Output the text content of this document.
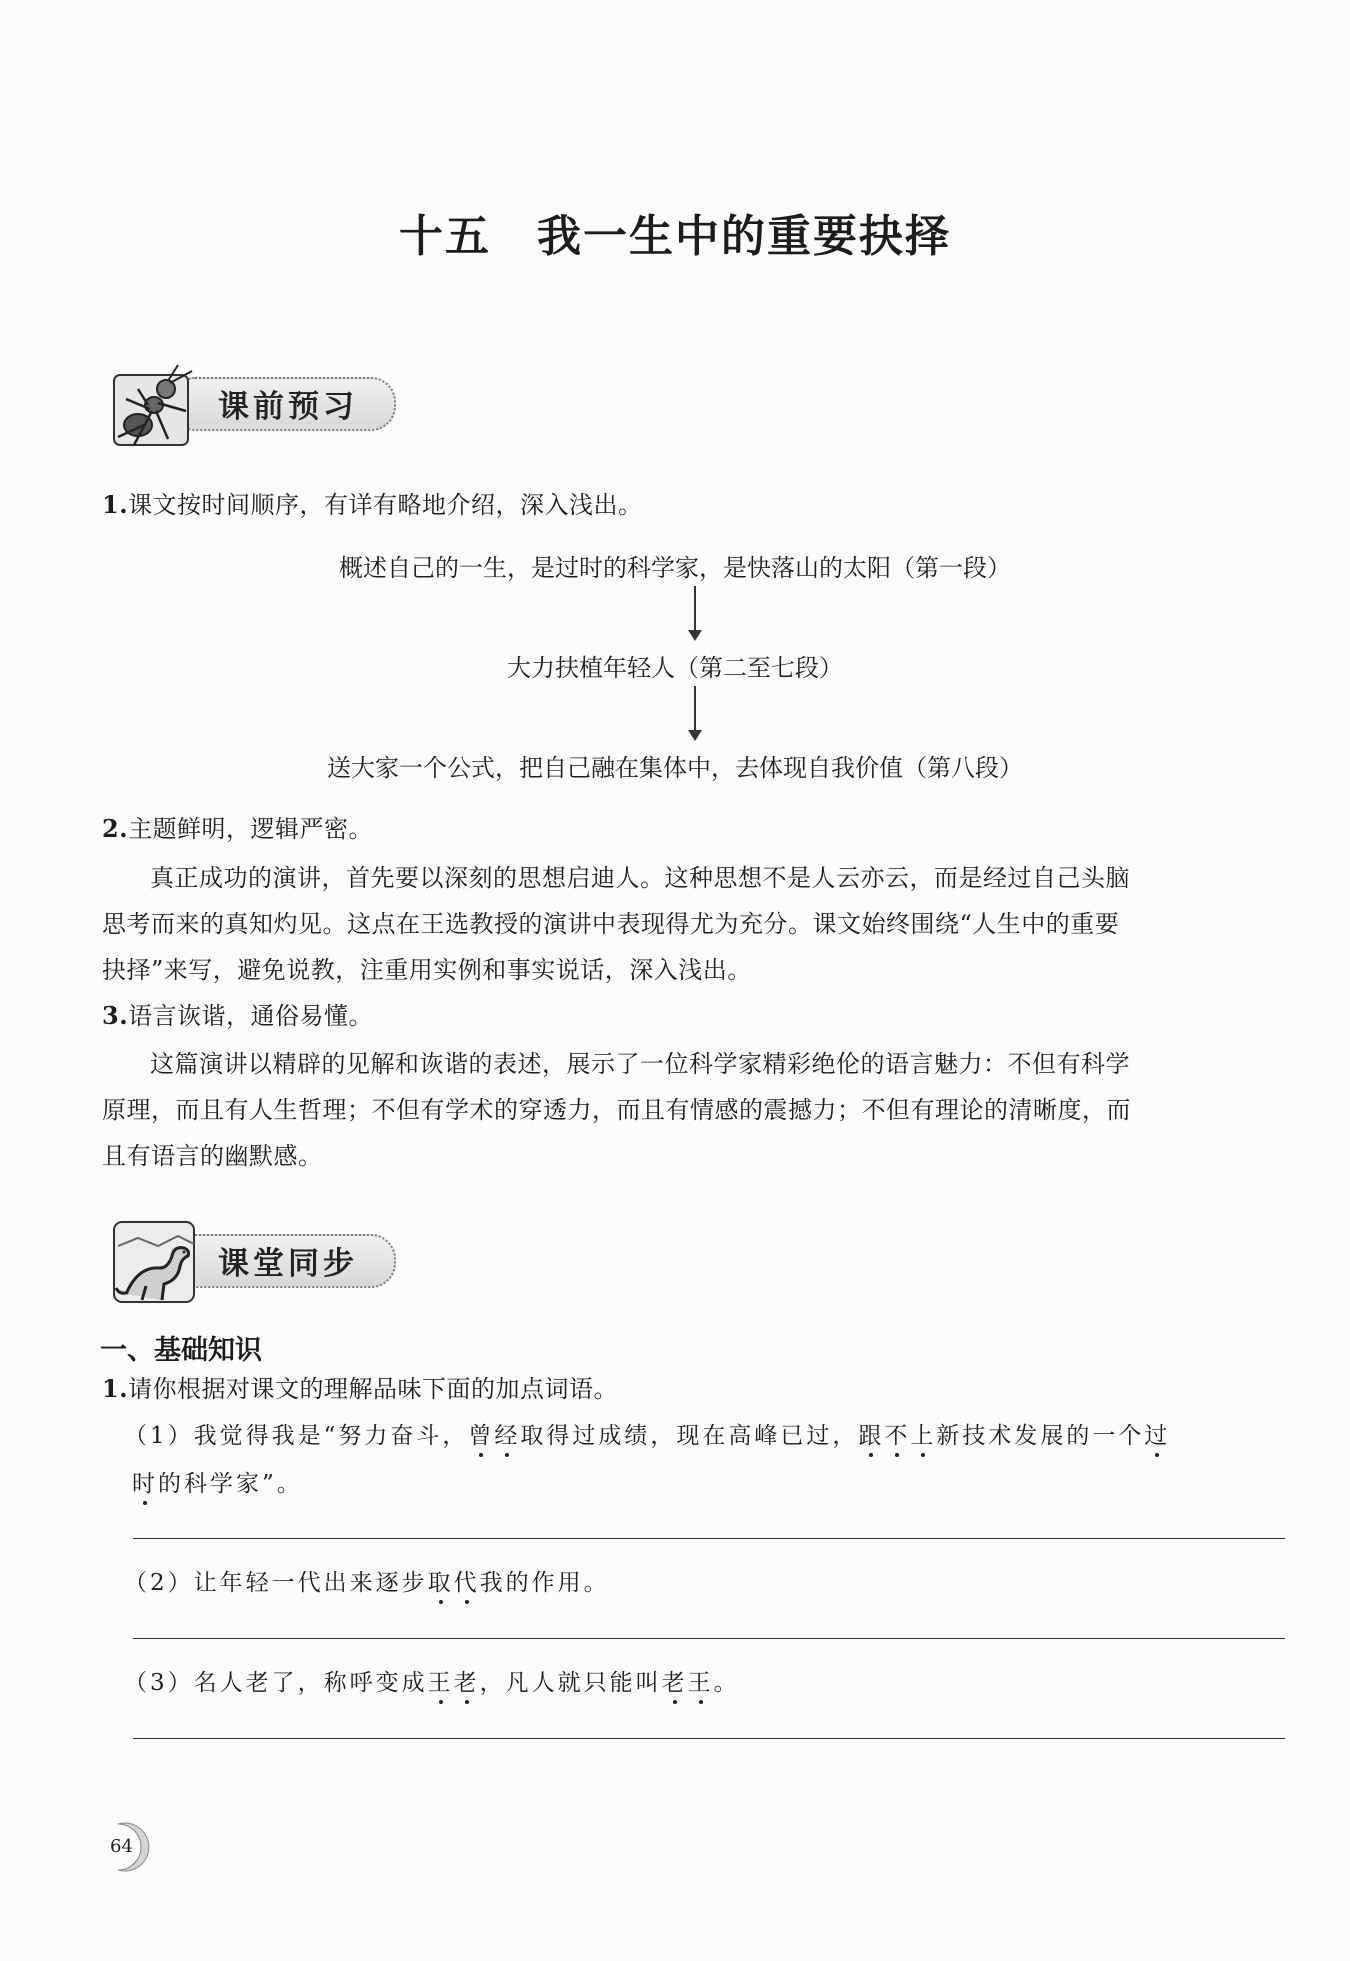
十五 我一生中的重要抉择
课前预习
1.课文按时间顺序，有详有略地介绍，深入浅出。
概述自己的一生，是过时的科学家，是快落山的太阳（第一段）
大力扶植年轻人（第二至七段）
送大家一个公式，把自己融在集体中，去体现自我价值（第八段）
2.主题鲜明，逻辑严密。
真正成功的演讲，首先要以深刻的思想启迪人。这种思想不是人云亦云，而是经过自己头脑
思考而来的真知灼见。这点在王选教授的演讲中表现得尤为充分。课文始终围绕“人生中的重要
抉择”来写，避免说教，注重用实例和事实说话，深入浅出。
3.语言诙谐，通俗易懂。
这篇演讲以精辟的见解和诙谐的表述，展示了一位科学家精彩绝伦的语言魅力：不但有科学
原理，而且有人生哲理；不但有学术的穿透力，而且有情感的震撼力；不但有理论的清晰度，而
且有语言的幽默感。
课堂同步
一、基础知识
1.请你根据对课文的理解品味下面的加点词语。
（1）我觉得我是“努力奋斗，曾经取得过成绩，现在高峰已过，跟不上新技术发展的一个过
时的科学家”。
（2）让年轻一代出来逐步取代我的作用。
（3）名人老了，称呼变成王老，凡人就只能叫老王。
64
